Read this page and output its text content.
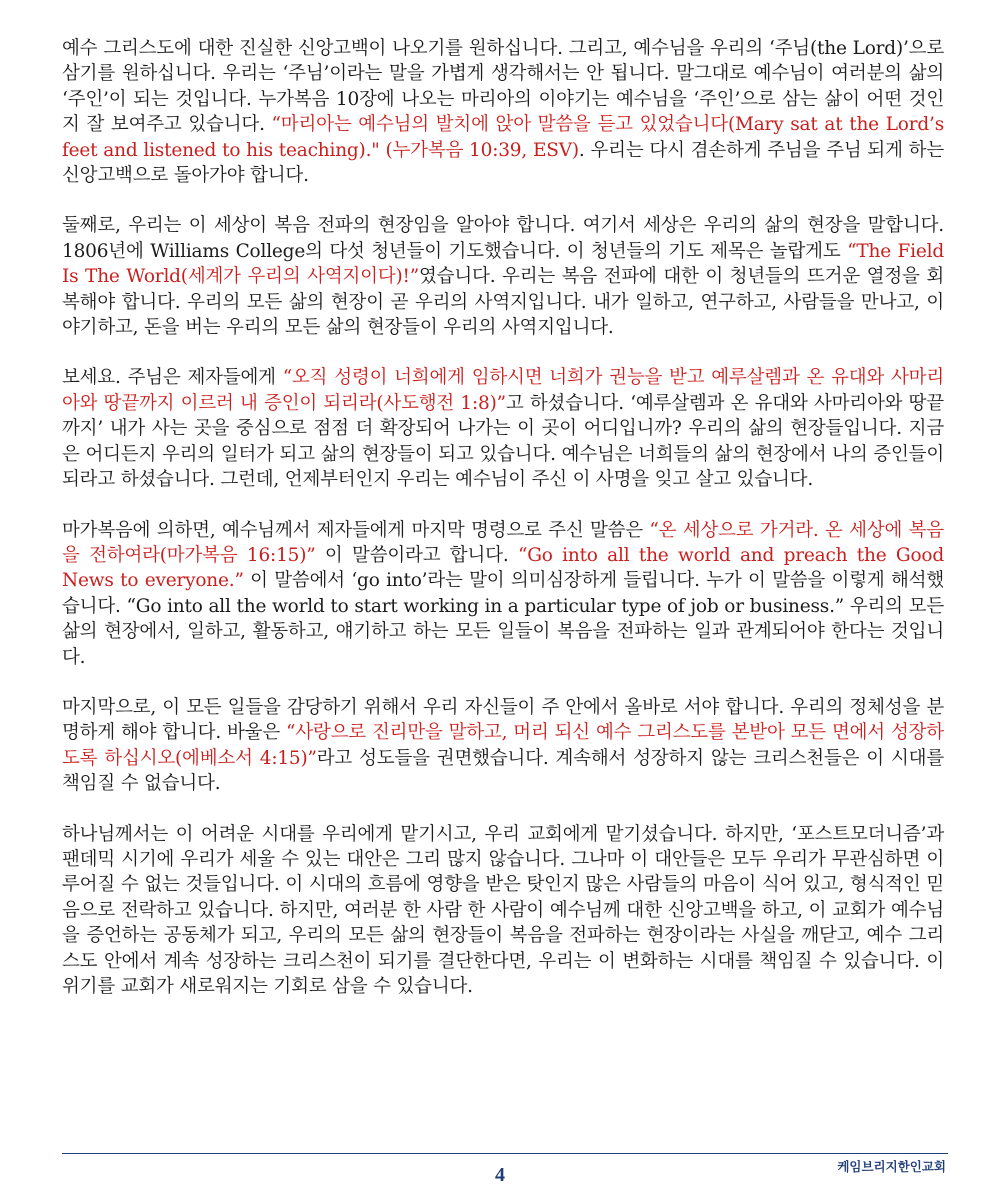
예수 그리스도에 대한 진실한 신앙고백이 나오기를 원하십니다. 그리고, 예수님을 우리의 ‘주님(the Lord)’으로 삼기를 원하십니다. 우리는 ‘주님’이라는 말을 가볍게 생각해서는 안 됩니다. 말그대로 예수님이 여러분의 삶의 ‘주인’이 되는 것입니다. 누가복음 10장에 나오는 마리아의 이야기는 예수님을 ‘주인’으로 삼는 삶이 어떤 것인지 잘 보여주고 있습니다. “마리아는 예수님의 발치에 앉아 말씀을 듣고 있었습니다(Mary sat at the Lord’s feet and listened to his teaching)." (누가복음 10:39, ESV). 우리는 다시 겸손하게 주님을 주님 되게 하는 신앙고백으로 돌아가야 합니다.

둘째로, 우리는 이 세상이 복음 전파의 현장임을 알아야 합니다. 여기서 세상은 우리의 삶의 현장을 말합니다. 1806년에 Williams College의 다섯 청년들이 기도했습니다. 이 청년들의 기도 제목은 놀랍게도 “The Field Is The World(세계가 우리의 사역지이다)!”였습니다. 우리는 복음 전파에 대한 이 청년들의 뜨거운 열정을 회복해야 합니다. 우리의 모든 삶의 현장이 곧 우리의 사역지입니다. 내가 일하고, 연구하고, 사람들을 만나고, 이야기하고, 돈을 버는 우리의 모든 삶의 현장들이 우리의 사역지입니다.

보세요. 주님은 제자들에게 “오직 성령이 너희에게 임하시면 너희가 권능을 받고 예루살렘과 온 유대와 사마리아와 땅끝까지 이르러 내 증인이 되리라(사도행전 1:8)”고 하셨습니다. ‘예루살렘과 온 유대와 사마리아와 땅끝까지’ 내가 사는 곳을 중심으로 점점 더 확장되어 나가는 이 곳이 어디입니까? 우리의 삶의 현장들입니다. 지금은 어디든지 우리의 일터가 되고 삶의 현장들이 되고 있습니다. 예수님은 너희들의 삶의 현장에서 나의 증인들이 되라고 하셨습니다. 그런데, 언제부터인지 우리는 예수님이 주신 이 사명을 잊고 살고 있습니다.

마가복음에 의하면, 예수님께서 제자들에게 마지막 명령으로 주신 말씀은 “온 세상으로 가거라. 온 세상에 복음을 전하여라(마가복음 16:15)” 이 말씀이라고 합니다. “Go into all the world and preach the Good News to everyone.” 이 말씀에서 ‘go into’라는 말이 의미심장하게 들립니다. 누가 이 말씀을 이렇게 해석했습니다. “Go into all the world to start working in a particular type of job or business.” 우리의 모든 삶의 현장에서, 일하고, 활동하고, 얘기하고 하는 모든 일들이 복음을 전파하는 일과 관계되어야 한다는 것입니다.

마지막으로, 이 모든 일들을 감당하기 위해서 우리 자신들이 주 안에서 올바로 서야 합니다. 우리의 정체성을 분명하게 해야 합니다. 바울은 “사랑으로 진리만을 말하고, 머리 되신 예수 그리스도를 본받아 모든 면에서 성장하도록 하십시오(에베소서 4:15)”라고 성도들을 권면했습니다. 계속해서 성장하지 않는 크리스천들은 이 시대를 책임질 수 없습니다.

하나님께서는 이 어려운 시대를 우리에게 맡기시고, 우리 교회에게 맡기셨습니다. 하지만, ‘포스트모더니즘’과 팬데믹 시기에 우리가 세울 수 있는 대안은 그리 많지 않습니다. 그나마 이 대안들은 모두 우리가 무관심하면 이루어질 수 없는 것들입니다. 이 시대의 흐름에 영향을 받은 탓인지 많은 사람들의 마음이 식어 있고, 형식적인 믿음으로 전락하고 있습니다. 하지만, 여러분 한 사람 한 사람이 예수님께 대한 신앙고백을 하고, 이 교회가 예수님을 증언하는 공동체가 되고, 우리의 모든 삶의 현장들이 복음을 전파하는 현장이라는 사실을 깨닫고, 예수 그리스도 안에서 계속 성장하는 크리스천이 되기를 결단한다면, 우리는 이 변화하는 시대를 책임질 수 있습니다. 이 위기를 교회가 새로워지는 기회로 삼을 수 있습니다.

4	케임브리지한인교회
